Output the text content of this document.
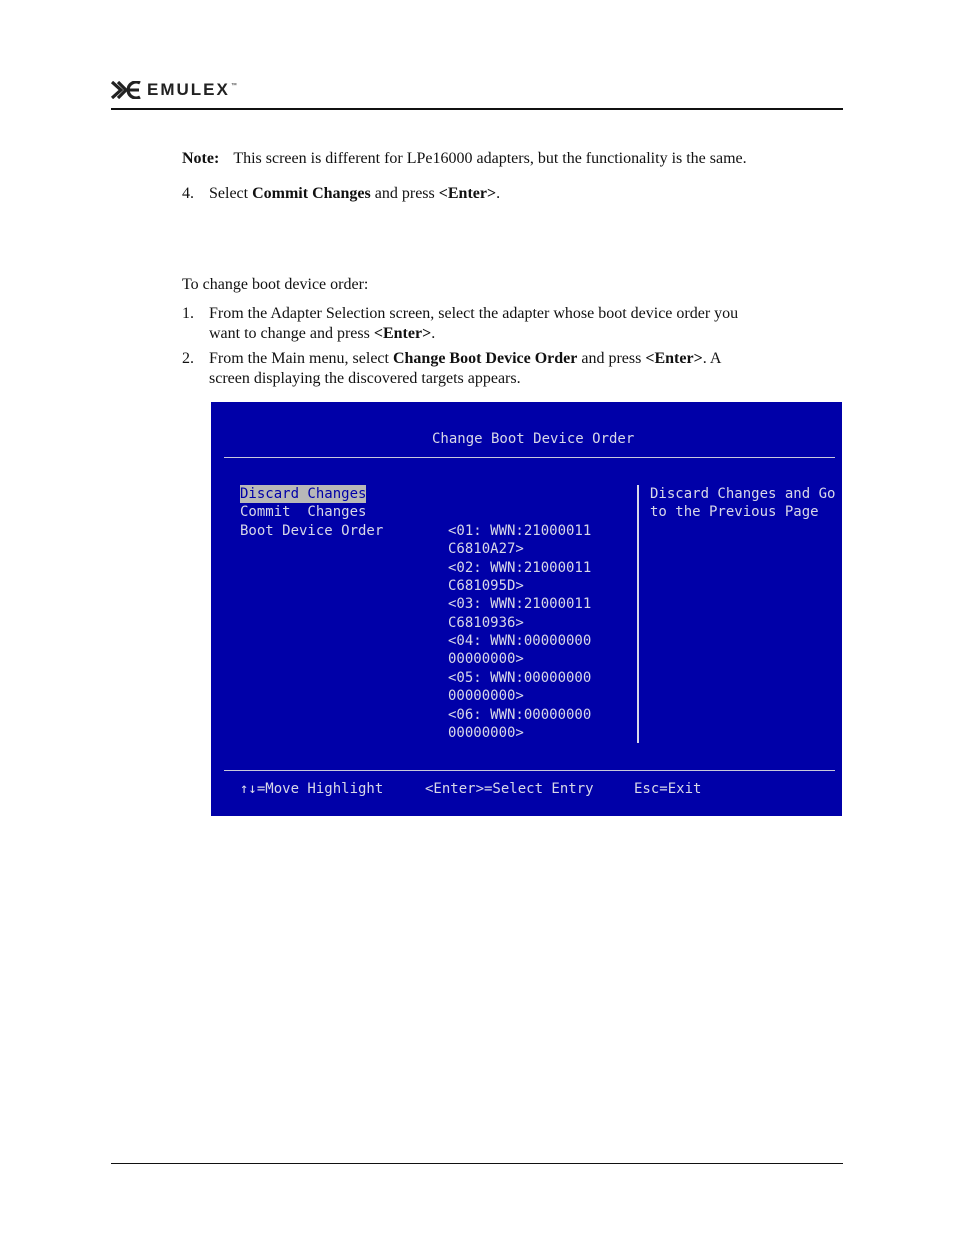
EMULEX ™
Note: This screen is different for LPe16000 adapters, but the functionality is the same.
4. Select Commit Changes and press <Enter>.
To change boot device order:
1. From the Adapter Selection screen, select the adapter whose boot device order you
want to change and press <Enter>.
2. From the Main menu, select Change Boot Device Order and press <Enter>. A
screen displaying the discovered targets appears.
Change Boot Device Order
Discard Changes
Commit  Changes
Boot Device Order	<01: WWN:21000011
C6810A27>
<02: WWN:21000011
C681095D>
<03: WWN:21000011
C6810936>
<04: WWN:00000000
00000000>
<05: WWN:00000000
00000000>
<06: WWN:00000000
00000000>
Discard Changes and Go
to the Previous Page
↑↓=Move Highlight	<Enter>=Select Entry	Esc=Exit
